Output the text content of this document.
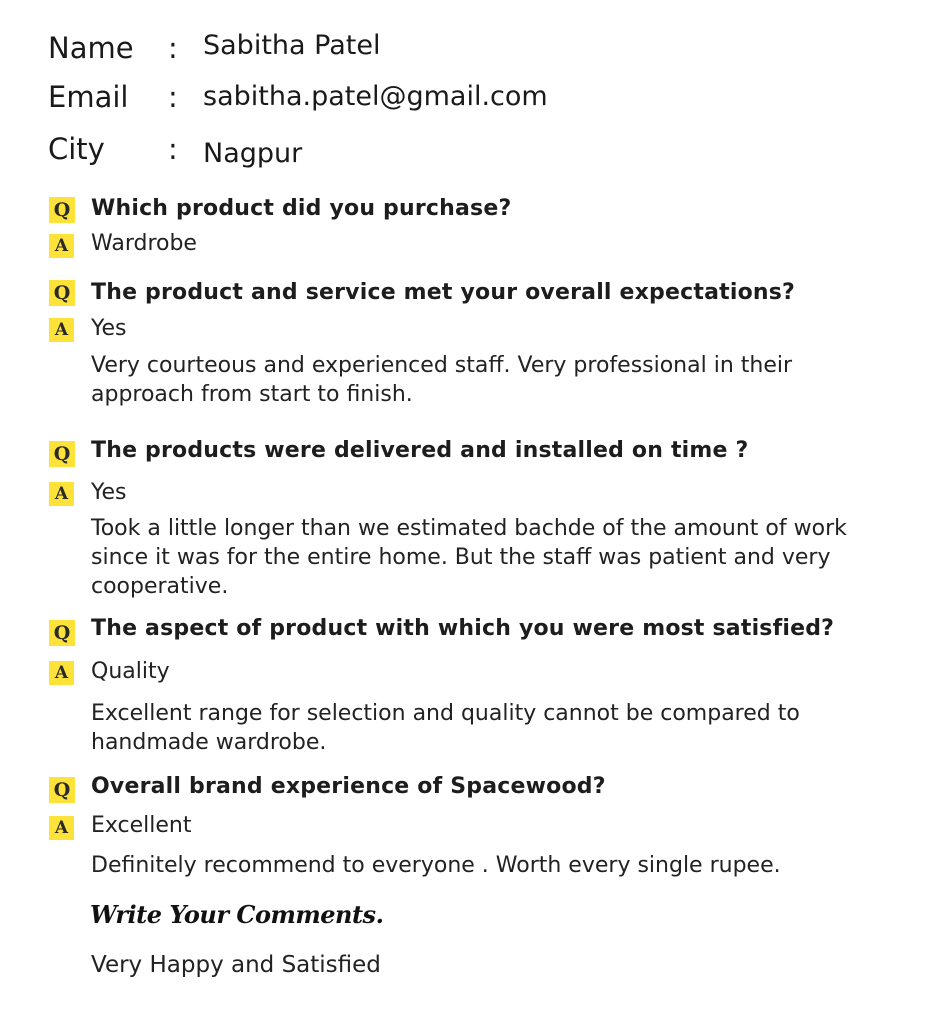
Name : Sabitha Patel
Email : sabitha.patel@gmail.com
City : Nagpur
Q Which product did you purchase?
A Wardrobe
Q The product and service met your overall expectations?
A Yes
Very courteous and experienced staff. Very professional in their approach from start to finish.
Q The products were delivered and installed on time ?
A Yes
Took a little longer than we estimated bachde of the amount of work since it was for the entire home. But the staff was patient and very cooperative.
Q The aspect of product with which you were most satisfied?
A Quality
Excellent range for selection and quality cannot be compared to handmade wardrobe.
Q Overall brand experience of Spacewood?
A Excellent
Definitely recommend to everyone . Worth every single rupee.
Write Your Comments.
Very Happy and Satisfied
